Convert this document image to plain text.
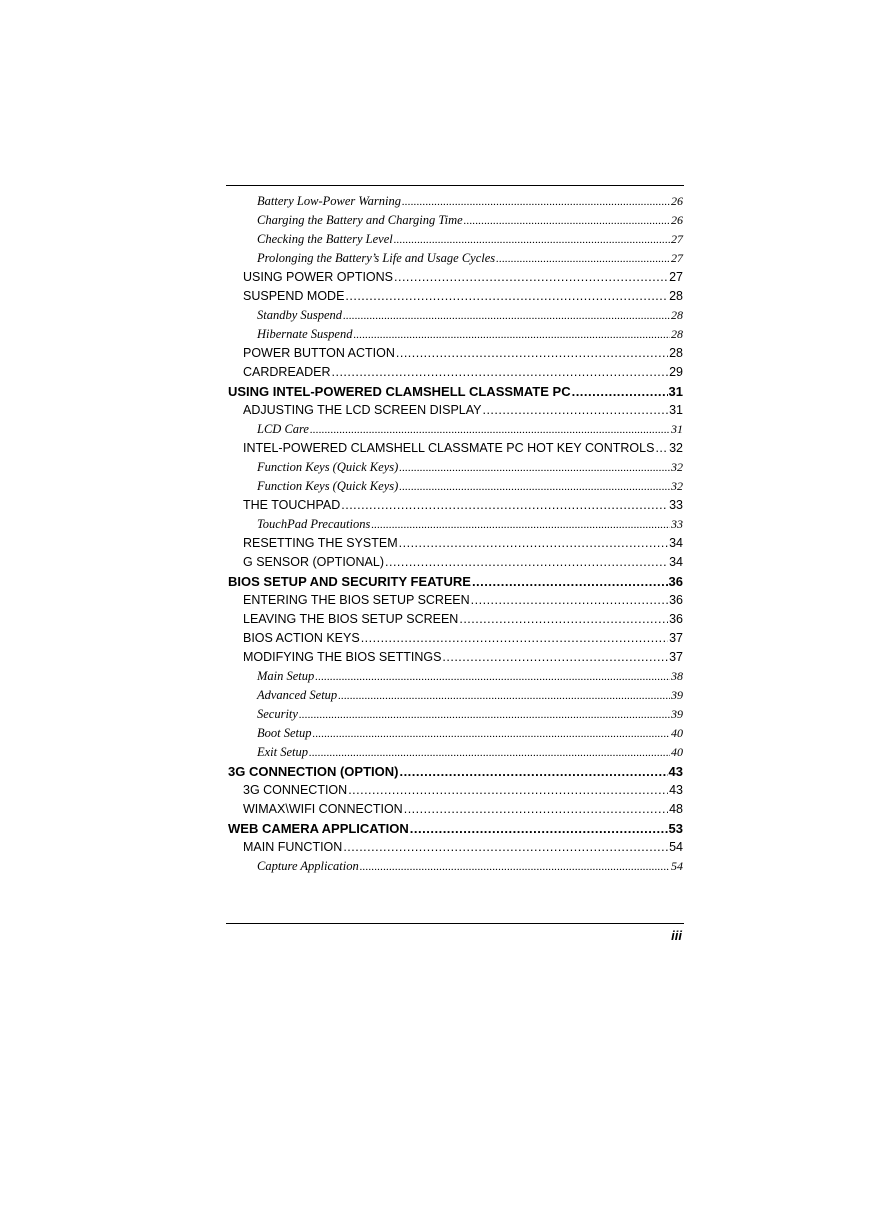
Battery Low-Power Warning .....	26
Charging the Battery and Charging Time .....	26
Checking the Battery Level .....	27
Prolonging the Battery’s Life and Usage Cycles .....	27
USING POWER OPTIONS .....	27
SUSPEND MODE .....	28
Standby Suspend .....	28
Hibernate Suspend .....	28
POWER BUTTON ACTION .....	28
CARDREADER .....	29
USING INTEL-POWERED CLAMSHELL CLASSMATE PC .....	31
ADJUSTING THE LCD SCREEN DISPLAY .....	31
LCD Care .....	31
INTEL-POWERED CLAMSHELL CLASSMATE PC HOT KEY CONTROLS ..... 32
Function Keys (Quick Keys) .....	32
Function Keys (Quick Keys) .....	32
THE TOUCHPAD .....	33
TouchPad Precautions .....	33
RESETTING THE SYSTEM .....	34
G SENSOR (OPTIONAL) .....	34
BIOS SETUP AND SECURITY FEATURE .....	36
ENTERING THE BIOS SETUP SCREEN .....	36
LEAVING THE BIOS SETUP SCREEN .....	36
BIOS ACTION KEYS .....	37
MODIFYING THE BIOS SETTINGS .....	37
Main Setup .....	38
Advanced Setup .....	39
Security .....	39
Boot Setup .....	40
Exit Setup .....	40
3G CONNECTION (OPTION) .....	43
3G CONNECTION .....	43
WIMAX\WIFI CONNECTION .....	48
WEB CAMERA APPLICATION .....	53
MAIN FUNCTION .....	54
Capture Application .....	54
iii
